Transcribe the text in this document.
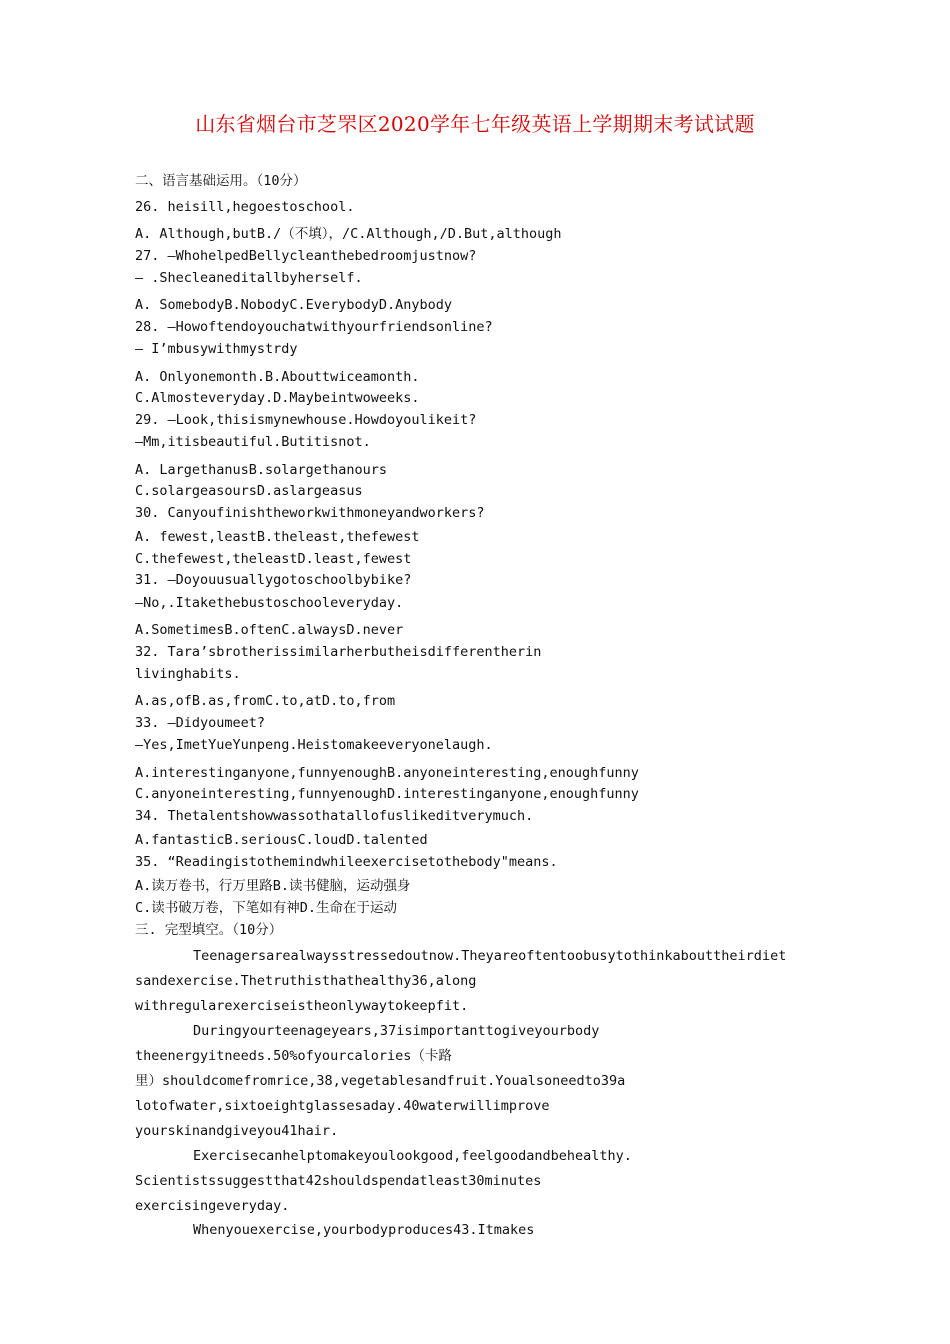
山东省烟台市芝罘区2020学年七年级英语上学期期末考试试题
二、语言基础运用。（10分）
26. heisill,hegoestoschool.
A. Although,butB./（不填），/C.Although,/D.But,although
27. —WhohelpedBellycleanthebedroomjustnow?
— .Shecleaneditallbyherself.
A. SomebodyB.NobodyC.EverybodyD.Anybody
28. —Howoftendoyouchatwithyourfriendsonline?
— I’mbusywithmystrdy
A. Onlyonemonth.B.Abouttwiceamonth.
C.Almosteveryday.D.Maybeintwoweeks.
29. —Look,thisismynewhouse.Howdoyoulikeit?
—Mm,itisbeautiful.Butitisnot.
A. LargethanusB.solargethanours
C.solargeasoursD.aslargeasus
30. Canyoufinishtheworkwithmoneyandworkers?
A. fewest,leastB.theleast,thefewest
C.thefewest,theleastD.least,fewest
31. —Doyouusuallygotoschoolbybike?
—No,.Itakethebustoschooleveryday.
A.SometimesB.oftenC.alwaysD.never
32. Tara’sbrotherissimilarherbutheisdifferentherin
livinghabits.
A.as,ofB.as,fromC.to,atD.to,from
33. —Didyoumeet?
—Yes,ImetYueYunpeng.Heistomakeeveryonelaugh.
A.interestinganyone,funnyenoughB.anyoneinteresting,enoughfunny
C.anyoneinteresting,funnyenoughD.interestinganyone,enoughfunny
34. Thetalentshowwassothatallofuslikeditverymuch.
A.fantasticB.seriousC.loudD.talented
35. “Readingistothemindwhileexercisetothebody"means.
A.读万卷书，行万里路B.读书健脑，运动强身
C.读书破万卷，下笔如有神D.生命在于运动
三. 完型填空。（10分）
Teenagersarealwaysstressedoutnow.Theyareoftentoobusytothinkabouttheirdiet
sandexercise.Thetruthisthathealthy36,along
withregularexerciseistheonlywaytokeepfit.
Duringyourteenageyears,37isimportanttogiveyourbody
theenergyitneeds.50%ofyourcalories（卡路
里）shouldcomefromrice,38,vegetablesandfruit.Youalsoneedto39a
lotofwater,sixtoeightglassesaday.40waterwillimprove
yourskinandgiveyou41hair.
Exercisecanhelptomakeyoulookgood,feelgoodandbehealthy.
Scientistssuggestthat42shouldspendatleast30minutes
exercisingeveryday.
Whenyouexercise,yourbodyproduces43.Itmakes
